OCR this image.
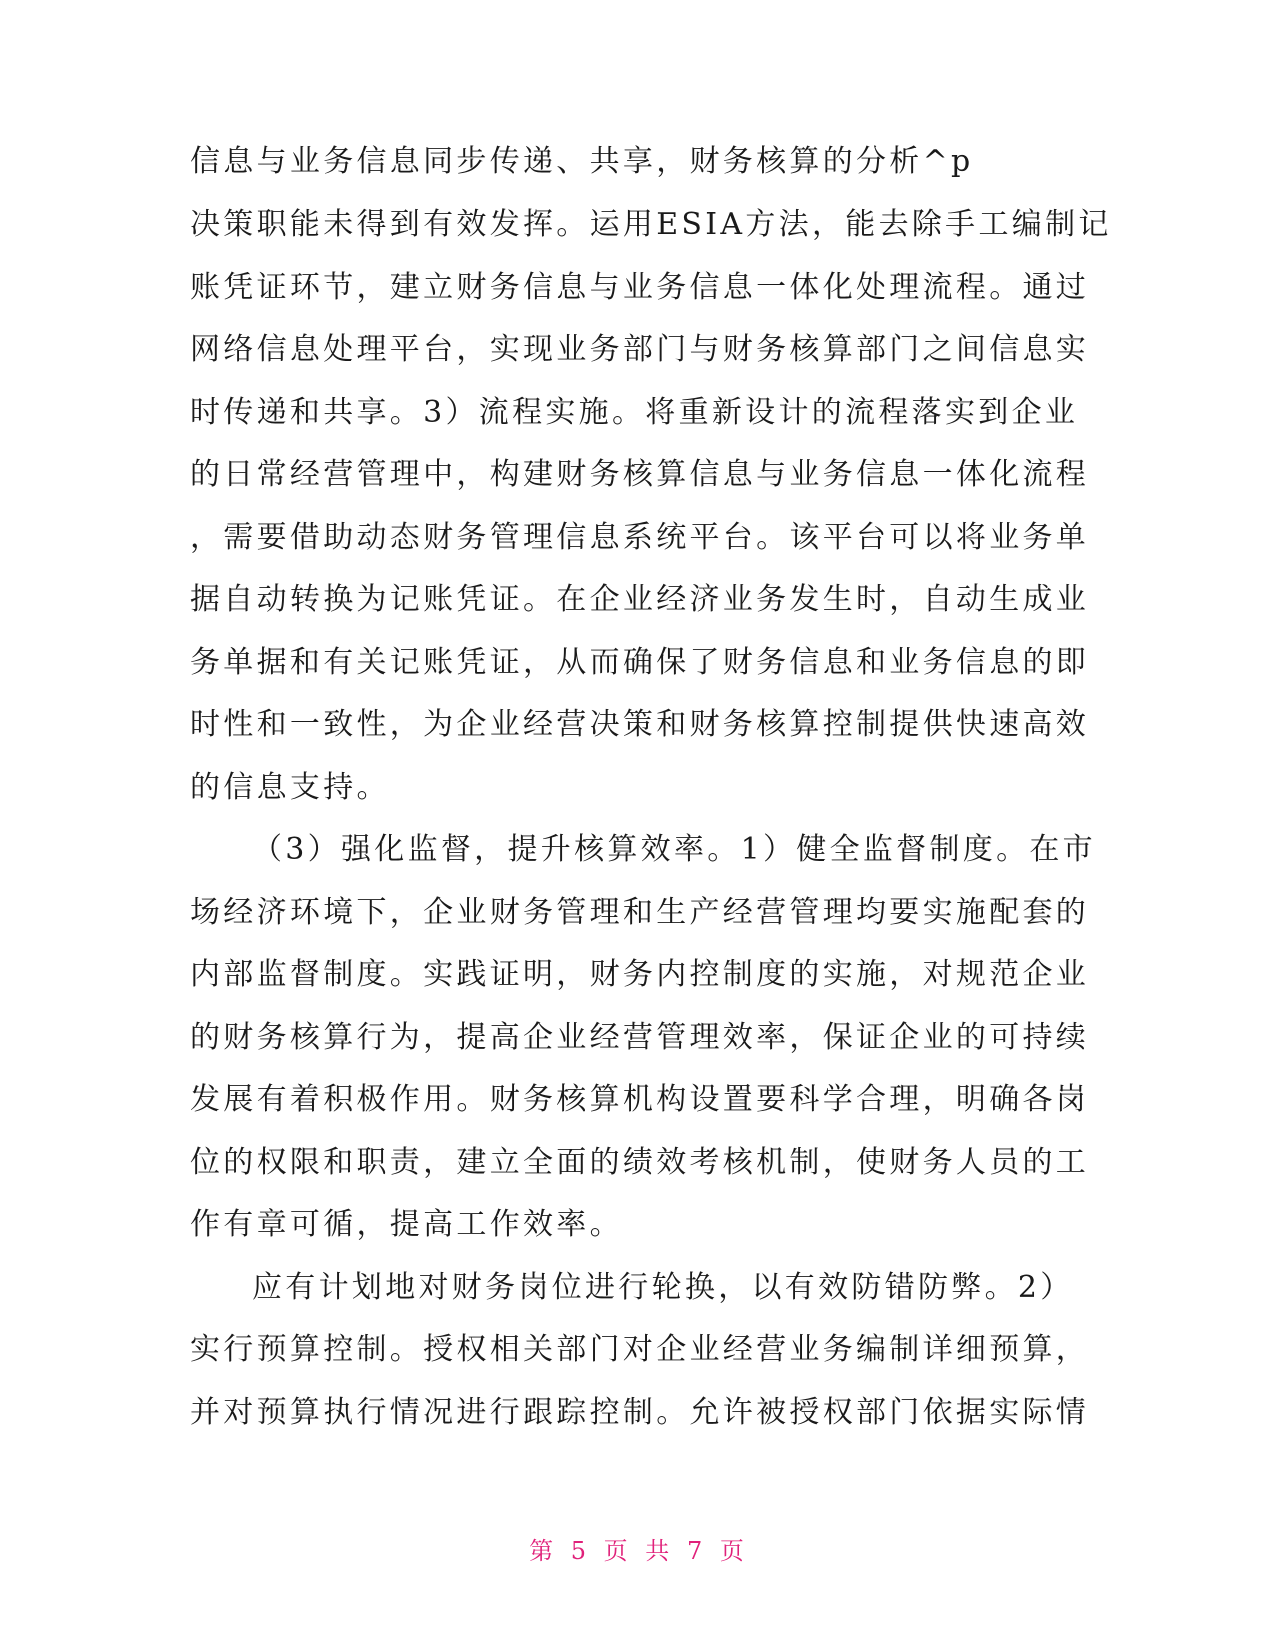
信息与业务信息同步传递、共享，财务核算的分析^p
决策职能未得到有效发挥。运用ESIA方法，能去除手工编制记
账凭证环节，建立财务信息与业务信息一体化处理流程。通过
网络信息处理平台，实现业务部门与财务核算部门之间信息实
时传递和共享。3）流程实施。将重新设计的流程落实到企业
的日常经营管理中，构建财务核算信息与业务信息一体化流程
，需要借助动态财务管理信息系统平台。该平台可以将业务单
据自动转换为记账凭证。在企业经济业务发生时，自动生成业
务单据和有关记账凭证，从而确保了财务信息和业务信息的即
时性和一致性，为企业经营决策和财务核算控制提供快速高效
的信息支持。
（3）强化监督，提升核算效率。1）健全监督制度。在市
场经济环境下，企业财务管理和生产经营管理均要实施配套的
内部监督制度。实践证明，财务内控制度的实施，对规范企业
的财务核算行为，提高企业经营管理效率，保证企业的可持续
发展有着积极作用。财务核算机构设置要科学合理，明确各岗
位的权限和职责，建立全面的绩效考核机制，使财务人员的工
作有章可循，提高工作效率。
应有计划地对财务岗位进行轮换，以有效防错防弊。2）
实行预算控制。授权相关部门对企业经营业务编制详细预算，
并对预算执行情况进行跟踪控制。允许被授权部门依据实际情
第 5 页 共 7 页
